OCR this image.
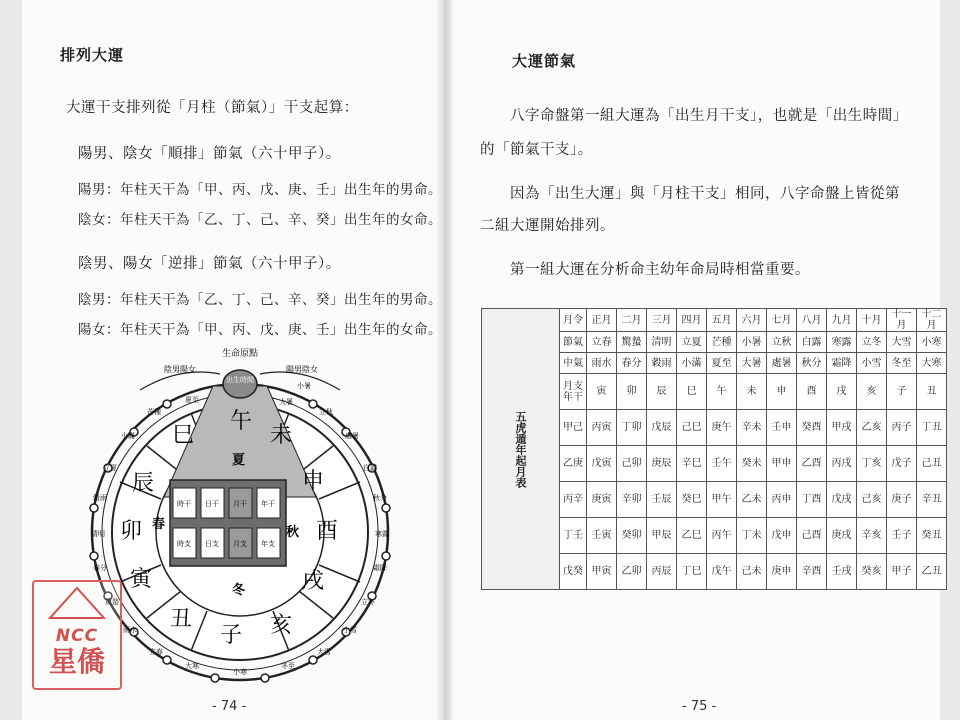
排列大運
大運干支排列從「月柱（節氣）」干支起算：
陽男、陰女「順排」節氣（六十甲子）。
陽男：年柱天干為「甲、丙、戊、庚、壬」出生年的男命。
陰女：年柱天干為「乙、丁、己、辛、癸」出生年的女命。
陰男、陽女「逆排」節氣（六十甲子）。
陰男：年柱天干為「乙、丁、己、辛、癸」出生年的男命。
陽女：年柱天干為「甲、丙、戊、庚、壬」出生年的女命。
陰男陽女	陽男陰女
生命原點
出生時間
午
未
申
酉
戌
亥
子
丑
寅
卯
辰
巳
夏
秋
冬
春
時干 日干 月干 年干
時支 日支 月支 年支
大暑
立秋
處暑
白露
秋分
寒露
霜降
立冬
小雪
大雪
冬至
小寒
大寒
立春
雨水
驚蟄
春分
清明
穀雨
立夏
小滿
芒種
夏至
小暑
- 74 -
NCC
星僑
大運節氣
八字命盤第一組大運為「出生月干支」，也就是「出生時間」
的「節氣干支」。
因為「出生大運」與「月柱干支」相同，八字命盤上皆從第
二組大運開始排列。
第一組大運在分析命主幼年命局時相當重要。
五虎遁年起月表	月令	正月	二月	三月	四月	五月	六月	七月	八月	九月	十月	十一月	十二月
	節氣	立春	驚蟄	清明	立夏	芒種	小暑	立秋	白露	寒露	立冬	大雪	小寒
	中氣	雨水	春分	穀雨	小滿	夏至	大暑	處暑	秋分	霜降	小雪	冬至	大寒
	月支年干	寅	卯	辰	巳	午	未	申	酉	戌	亥	子	丑
	甲己	丙寅	丁卯	戊辰	己巳	庚午	辛未	壬申	癸酉	甲戌	乙亥	丙子	丁丑
	乙庚	戊寅	己卯	庚辰	辛巳	壬午	癸未	甲申	乙酉	丙戌	丁亥	戊子	己丑
	丙辛	庚寅	辛卯	壬辰	癸巳	甲午	乙未	丙申	丁酉	戊戌	己亥	庚子	辛丑
	丁壬	壬寅	癸卯	甲辰	乙巳	丙午	丁未	戊申	己酉	庚戌	辛亥	壬子	癸丑
	戊癸	甲寅	乙卯	丙辰	丁巳	戊午	己未	庚申	辛酉	壬戌	癸亥	甲子	乙丑
- 75 -
